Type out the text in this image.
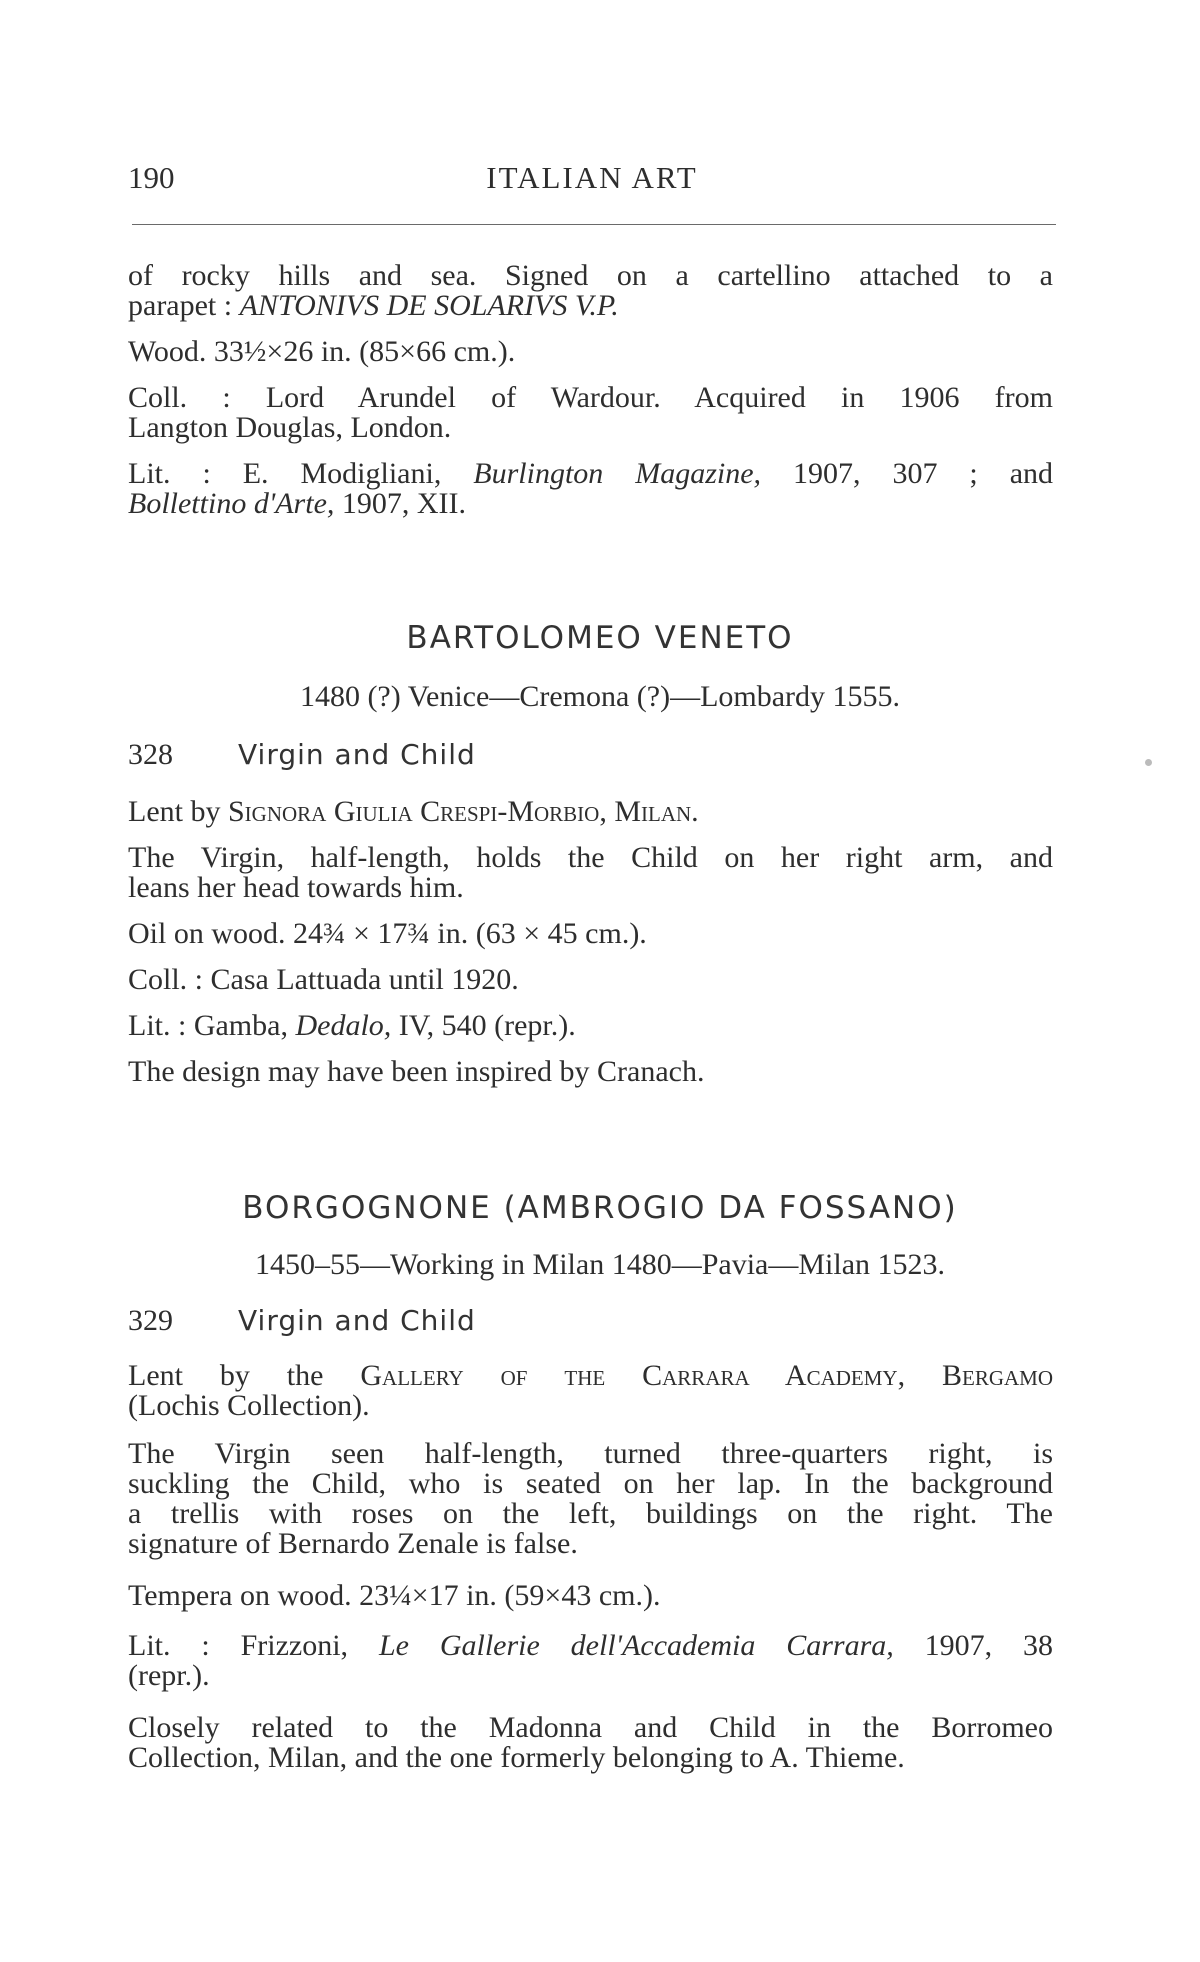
190	ITALIAN ART
of rocky hills and sea. Signed on a cartellino attached to a
parapet : ANTONIVS DE SOLARIVS V.P.
Wood. 33½×26 in. (85×66 cm.).
Coll. : Lord Arundel of Wardour. Acquired in 1906 from
Langton Douglas, London.
Lit. : E. Modigliani, Burlington Magazine, 1907, 307 ; and
Bollettino d'Arte, 1907, XII.
BARTOLOMEO VENETO
1480 (?) Venice—Cremona (?)—Lombardy 1555.
328 Virgin and Child
Lent by Signora Giulia Crespi-Morbio, Milan.
The Virgin, half-length, holds the Child on her right arm, and
leans her head towards him.
Oil on wood. 24¾ × 17¾ in. (63 × 45 cm.).
Coll. : Casa Lattuada until 1920.
Lit. : Gamba, Dedalo, IV, 540 (repr.).
The design may have been inspired by Cranach.
BORGOGNONE (AMBROGIO DA FOSSANO)
1450–55—Working in Milan 1480—Pavia—Milan 1523.
329 Virgin and Child
Lent by the Gallery of the Carrara Academy, Bergamo
(Lochis Collection).
The Virgin seen half-length, turned three-quarters right, is
suckling the Child, who is seated on her lap. In the background
a trellis with roses on the left, buildings on the right. The
signature of Bernardo Zenale is false.
Tempera on wood. 23¼×17 in. (59×43 cm.).
Lit. : Frizzoni, Le Gallerie dell'Accademia Carrara, 1907, 38
(repr.).
Closely related to the Madonna and Child in the Borromeo
Collection, Milan, and the one formerly belonging to A. Thieme.
